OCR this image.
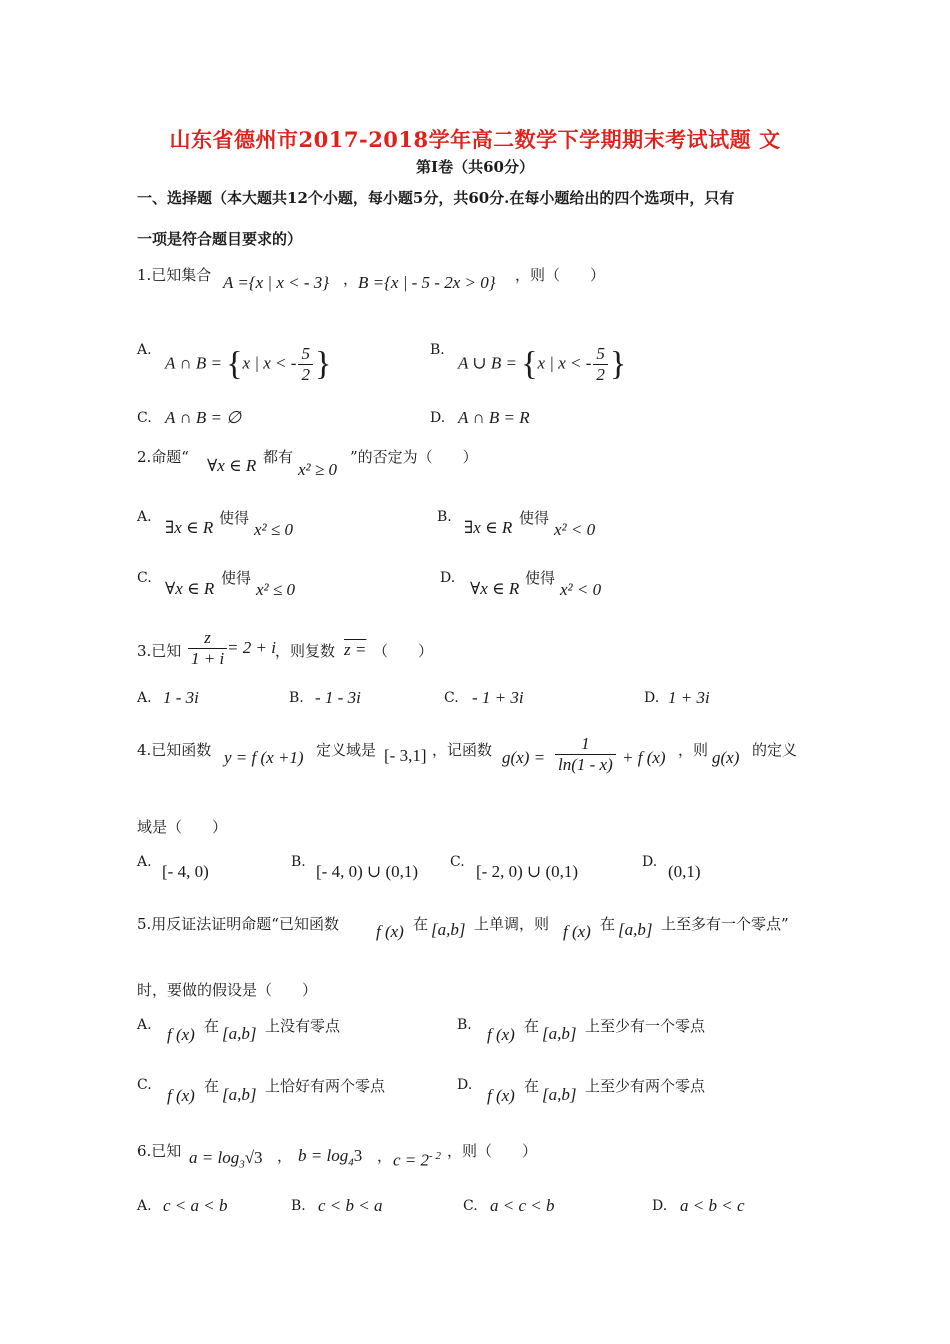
山东省德州市2017-2018学年高二数学下学期期末考试试题 文
第Ⅰ卷（共60分）
一、选择题（本大题共12个小题，每小题5分，共60分.在每小题给出的四个选项中，只有
一项是符合题目要求的）
1.已知集合 A ={x | x < - 3} ， B ={x | - 5 - 2x > 0} ，则（　　）
A.
A ∩ B = {x | x < - $\frac{5}{2}$ }	B.
A ∪ B = {x | x < - $\frac{5}{2}$ }
C. A ∩ B = ∅	D. A ∩ B = R
2.命题“ ∀x ∈ R 都有
x² ≥ 0
”的否定为（　　）
A.
∃x ∈ R 使得
x² ≤ 0
B.
∃x ∈ R 使得
x² < 0
C.
∀x ∈ R
使得
x² ≤ 0
D.
∀x ∈ R
使得
x² < 0
3.已知 $\frac{z}{1 + i} = 2 + i$ ，则复数 z = （　　）
A. 1 - 3i	B. - 1 - 3i	C. - 1 + 3i	D. 1 + 3i
4.已知函数 y = f (x +1) 定义域是 [- 3,1] ，记函数 $g(x) = \frac{1}{\ln(1 - x)} + f$ (x) ，则 g(x) 的定义
域是（　　）
A. [- 4, 0)	B. [- 4, 0) ∪ (0,1) C. [- 2, 0) ∪ (0,1)	D. (0,1)
5.用反证法证明命题“已知函数 f (x) 在 [a,b] 上单调，则 f (x) 在 [a,b] 上至多有一个零点”
时，要做的假设是（　　）
A. f (x) 在 [a,b] 上没有零点	B. f (x) 在 [a,b] 上至少有一个零点
C.
f (x) 在 [a,b] 上恰好有两个零点	D.
f (x) 在 [a,b] 上至少有两个零点
6.已知 $a = \log_3√3$ ， $b = \log_43$ ， $c = 2^{- 2}$ ，则（　　）
A. c < a < b	B. c < b < a	C. a < c < b	D. a < b < c
